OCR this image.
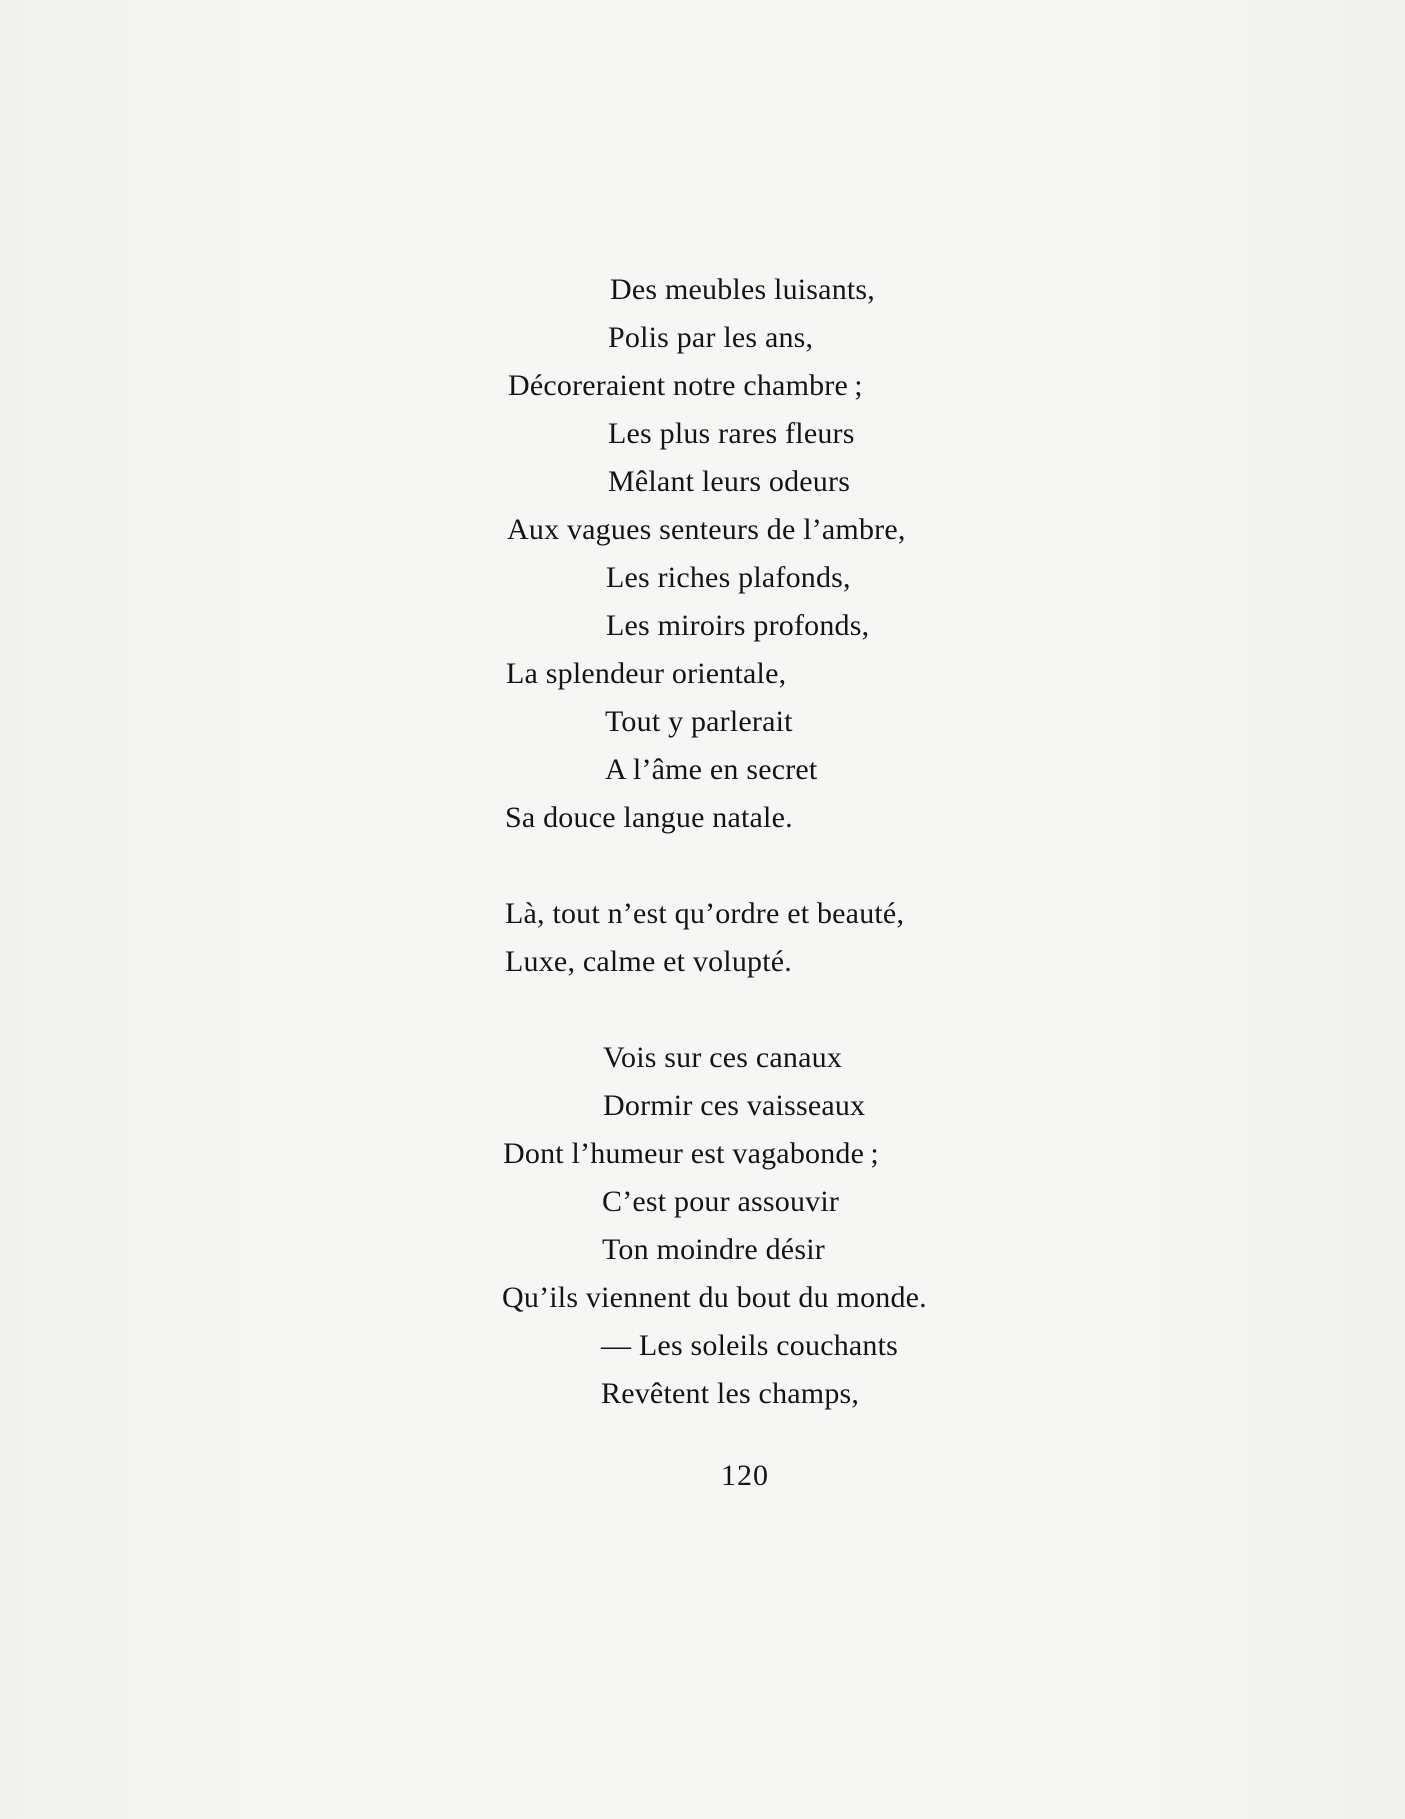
Des meubles luisants,
Polis par les ans,
Décoreraient notre chambre ;
Les plus rares fleurs
Mêlant leurs odeurs
Aux vagues senteurs de l’ambre,
Les riches plafonds,
Les miroirs profonds,
La splendeur orientale,
Tout y parlerait
A l’âme en secret
Sa douce langue natale.
Là, tout n’est qu’ordre et beauté,
Luxe, calme et volupté.
Vois sur ces canaux
Dormir ces vaisseaux
Dont l’humeur est vagabonde ;
C’est pour assouvir
Ton moindre désir
Qu’ils viennent du bout du monde.
— Les soleils couchants
Revêtent les champs,
120
